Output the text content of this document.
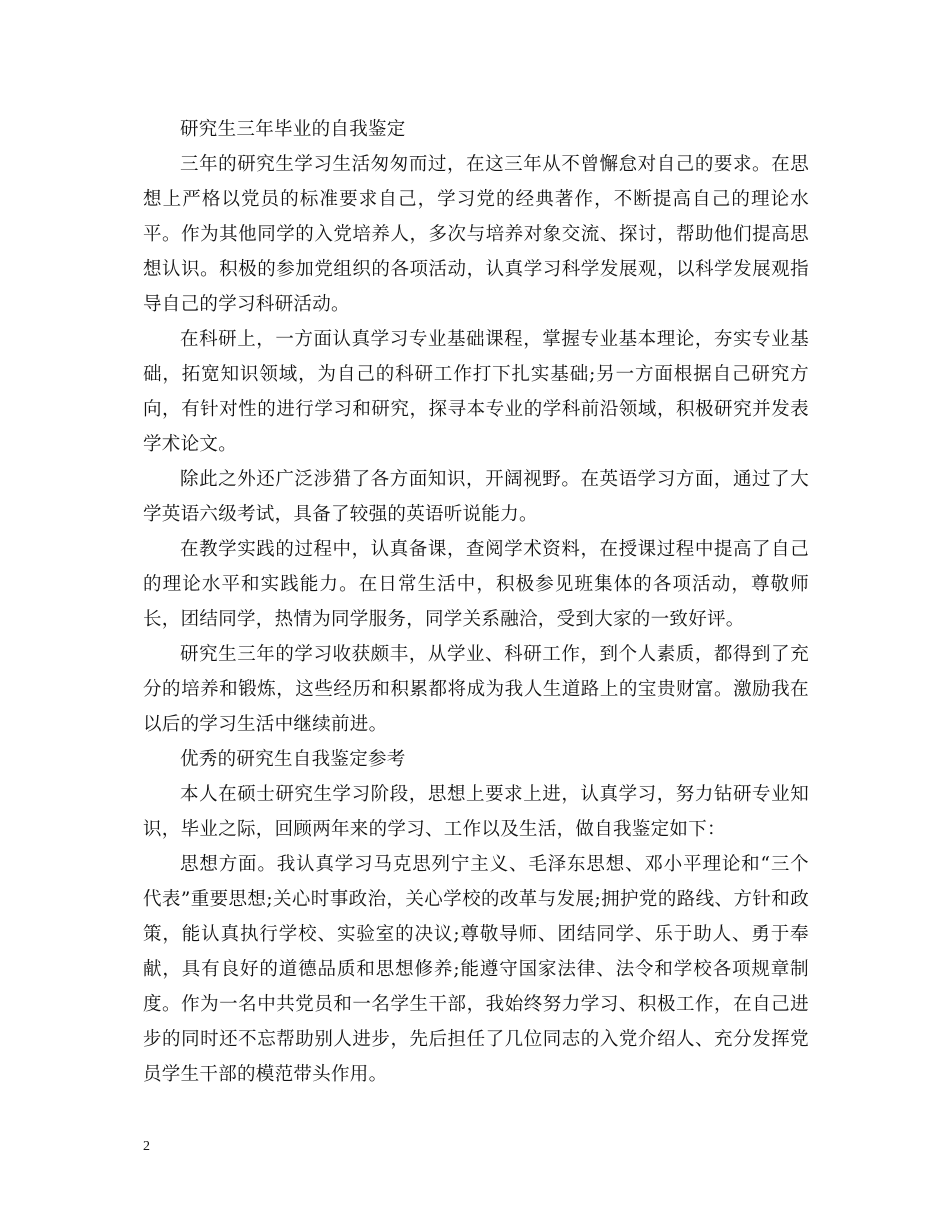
研究生三年毕业的自我鉴定

三年的研究生学习生活匆匆而过，在这三年从不曾懈怠对自己的要求。在思想上严格以党员的标准要求自己，学习党的经典著作，不断提高自己的理论水平。作为其他同学的入党培养人，多次与培养对象交流、探讨，帮助他们提高思想认识。积极的参加党组织的各项活动，认真学习科学发展观，以科学发展观指导自己的学习科研活动。

在科研上，一方面认真学习专业基础课程，掌握专业基本理论，夯实专业基础，拓宽知识领域，为自己的科研工作打下扎实基础;另一方面根据自己研究方向，有针对性的进行学习和研究，探寻本专业的学科前沿领域，积极研究并发表学术论文。

除此之外还广泛涉猎了各方面知识，开阔视野。在英语学习方面，通过了大学英语六级考试，具备了较强的英语听说能力。

在教学实践的过程中，认真备课，查阅学术资料，在授课过程中提高了自己的理论水平和实践能力。在日常生活中，积极参见班集体的各项活动，尊敬师长，团结同学，热情为同学服务，同学关系融洽，受到大家的一致好评。

研究生三年的学习收获颇丰，从学业、科研工作，到个人素质，都得到了充分的培养和锻炼，这些经历和积累都将成为我人生道路上的宝贵财富。激励我在以后的学习生活中继续前进。

优秀的研究生自我鉴定参考

本人在硕士研究生学习阶段，思想上要求上进，认真学习，努力钻研专业知识，毕业之际，回顾两年来的学习、工作以及生活，做自我鉴定如下：

思想方面。我认真学习马克思列宁主义、毛泽东思想、邓小平理论和“三个代表”重要思想;关心时事政治，关心学校的改革与发展;拥护党的路线、方针和政策，能认真执行学校、实验室的决议;尊敬导师、团结同学、乐于助人、勇于奉献，具有良好的道德品质和思想修养;能遵守国家法律、法令和学校各项规章制度。作为一名中共党员和一名学生干部，我始终努力学习、积极工作，在自己进步的同时还不忘帮助别人进步，先后担任了几位同志的入党介绍人、充分发挥党员学生干部的模范带头作用。

2
